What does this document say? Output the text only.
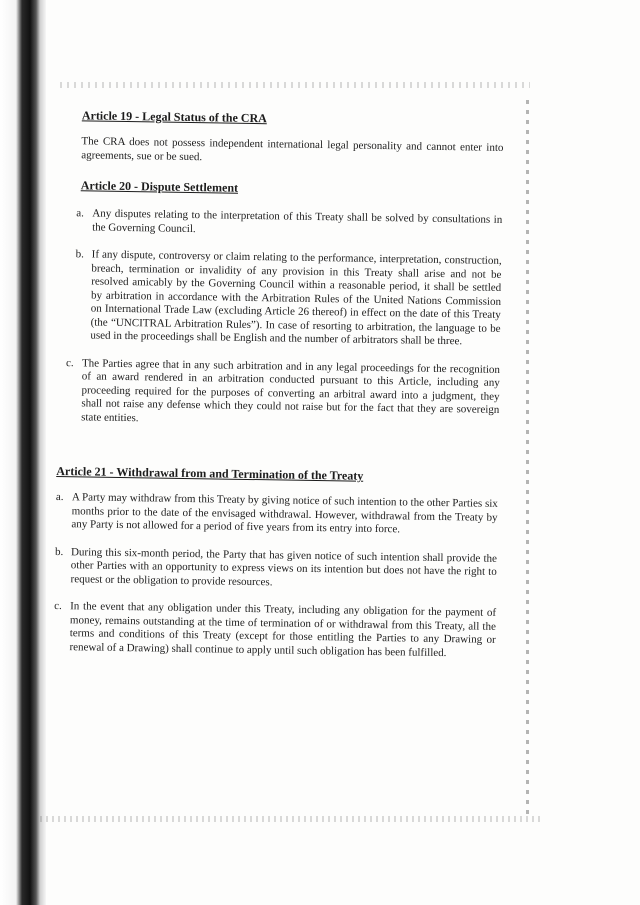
Article 19 - Legal Status of the CRA

The CRA does not possess independent international legal personality and cannot enter into agreements, sue or be sued.

Article 20 - Dispute Settlement
a. Any disputes relating to the interpretation of this Treaty shall be solved by consultations in the Governing Council.
b. If any dispute, controversy or claim relating to the performance, interpretation, construction, breach, termination or invalidity of any provision in this Treaty shall arise and not be resolved amicably by the Governing Council within a reasonable period, it shall be settled by arbitration in accordance with the Arbitration Rules of the United Nations Commission on International Trade Law (excluding Article 26 thereof) in effect on the date of this Treaty (the “UNCITRAL Arbitration Rules”). In case of resorting to arbitration, the language to be used in the proceedings shall be English and the number of arbitrators shall be three.
c. The Parties agree that in any such arbitration and in any legal proceedings for the recognition of an award rendered in an arbitration conducted pursuant to this Article, including any proceeding required for the purposes of converting an arbitral award into a judgment, they shall not raise any defense which they could not raise but for the fact that they are sovereign state entities.
Article 21 - Withdrawal from and Termination of the Treaty
a. A Party may withdraw from this Treaty by giving notice of such intention to the other Parties six months prior to the date of the envisaged withdrawal. However, withdrawal from the Treaty by any Party is not allowed for a period of five years from its entry into force.
b. During this six-month period, the Party that has given notice of such intention shall provide the other Parties with an opportunity to express views on its intention but does not have the right to request or the obligation to provide resources.
c. In the event that any obligation under this Treaty, including any obligation for the payment of money, remains outstanding at the time of termination of or withdrawal from this Treaty, all the terms and conditions of this Treaty (except for those entitling the Parties to any Drawing or renewal of a Drawing) shall continue to apply until such obligation has been fulfilled.
